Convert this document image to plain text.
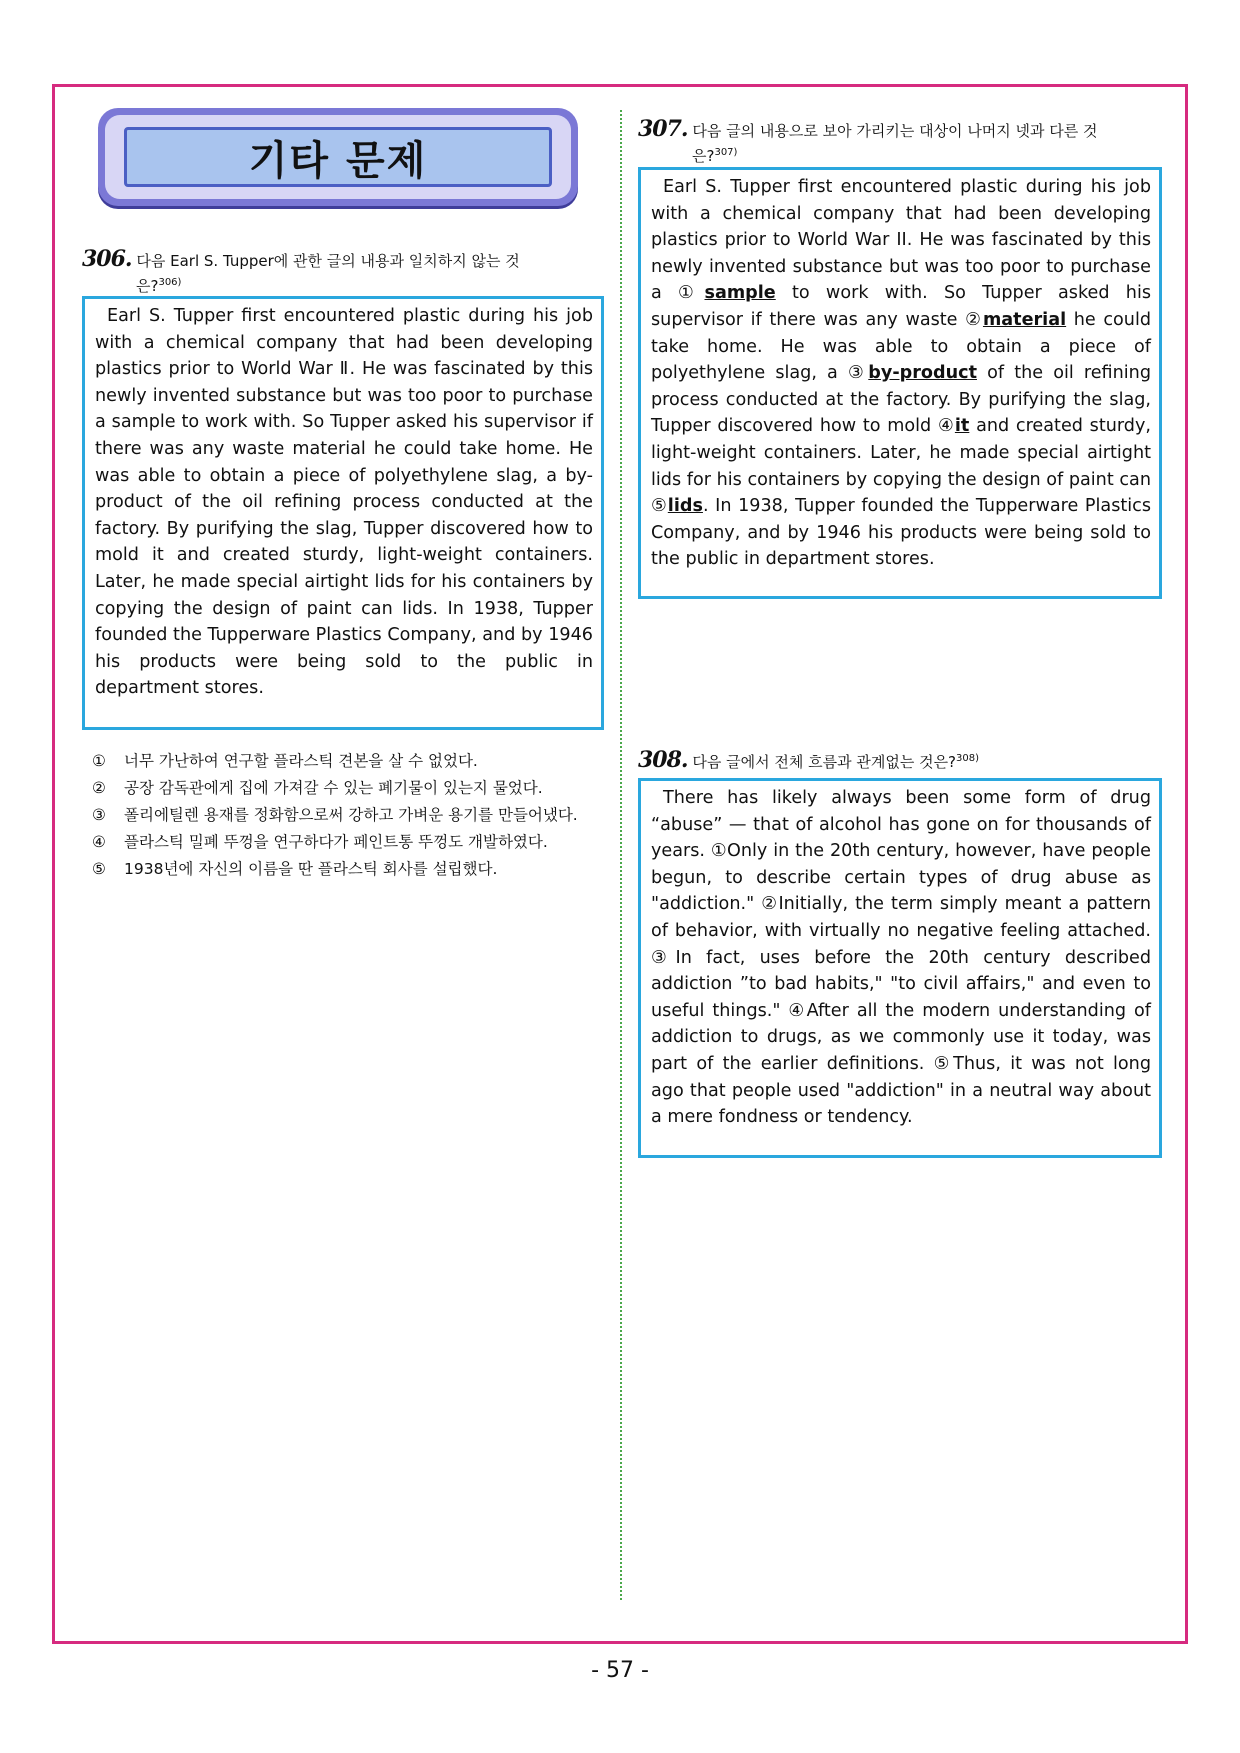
기타 문제
306. 다음 Earl S. Tupper에 관한 글의 내용과 일치하지 않는 것
은?$^{306)}$

Earl S. Tupper first encountered plastic during his job with a chemical company that had been developing plastics prior to World War Ⅱ. He was fascinated by this newly invented substance but was too poor to purchase a sample to work with. So Tupper asked his supervisor if there was any waste material he could take home. He was able to obtain a piece of polyethylene slag, a by-product of the oil refining process conducted at the factory. By purifying the slag, Tupper discovered how to mold it and created sturdy, light-weight containers. Later, he made special airtight lids for his containers by copying the design of paint can lids. In 1938, Tupper founded the Tupperware Plastics Company, and by 1946 his products were being sold to the public in department stores.

① 너무 가난하여 연구할 플라스틱 견본을 살 수 없었다.
② 공장 감독관에게 집에 가져갈 수 있는 폐기물이 있는지 물었다.
③ 폴리에틸렌 용재를 정화함으로써 강하고 가벼운 용기를 만들어냈다.
④ 플라스틱 밀폐 뚜껑을 연구하다가 페인트통 뚜껑도 개발하였다.
⑤ 1938년에 자신의 이름을 딴 플라스틱 회사를 설립했다.
307. 다음 글의 내용으로 보아 가리키는 대상이 나머지 넷과 다른 것
은?$^{307)}$

Earl S. Tupper first encountered plastic during his job with a chemical company that had been developing plastics prior to World War II. He was fascinated by this newly invented substance but was too poor to purchase a ①sample to work with. So Tupper asked his supervisor if there was any waste ②material he could take home. He was able to obtain a piece of polyethylene slag, a ③by-product of the oil refining process conducted at the factory. By purifying the slag, Tupper discovered how to mold ④it and created sturdy, light-weight containers. Later, he made special airtight lids for his containers by copying the design of paint can ⑤lids. In 1938, Tupper founded the Tupperware Plastics Company, and by 1946 his products were being sold to the public in department stores.

308. 다음 글에서 전체 흐름과 관계없는 것은?$^{308)}$

There has likely always been some form of drug “abuse” — that of alcohol has gone on for thousands of years. ①Only in the 20th century, however, have people begun, to describe certain types of drug abuse as "addiction." ②Initially, the term simply meant a pattern of behavior, with virtually no negative feeling attached. ③In fact, uses before the 20th century described addiction ”to bad habits," "to civil affairs," and even to useful things." ④After all the modern understanding of addiction to drugs, as we commonly use it today, was part of the earlier definitions. ⑤Thus, it was not long ago that people used "addiction" in a neutral way about a mere fondness or tendency.

- 57 -
